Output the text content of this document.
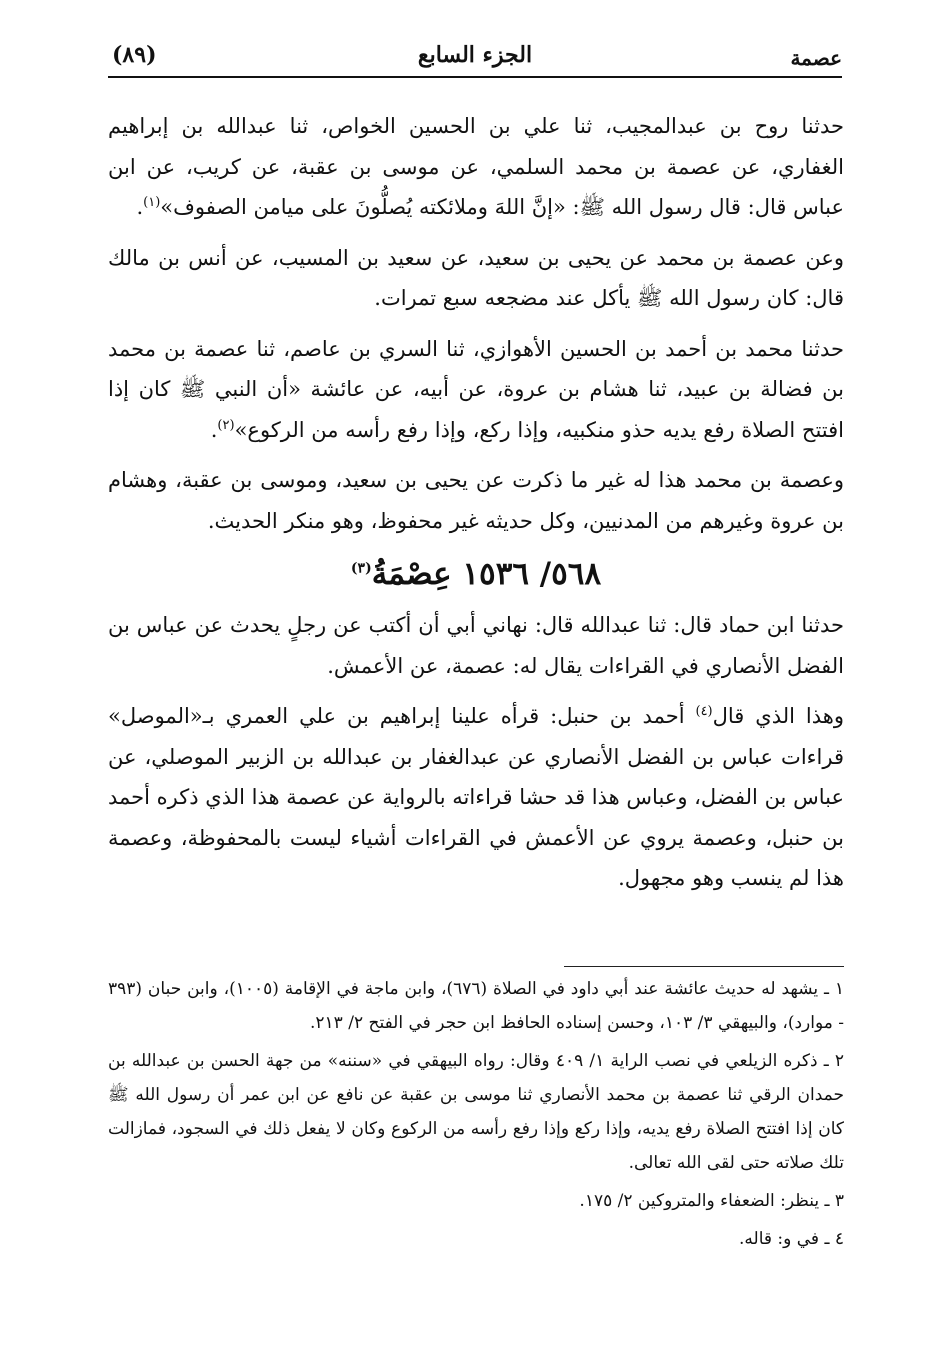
عصمة
الجزء السابع
(٨٩)

حدثنا روح بن عبدالمجيب، ثنا علي بن الحسين الخواص، ثنا عبدالله بن إبراهيم الغفاري، عن عصمة بن محمد السلمي، عن موسى بن عقبة، عن كريب، عن ابن عباس قال: قال رسول الله ﷺ: «إنَّ اللهَ وملائكته يُصلُّونَ على ميامن الصفوف»$^{(١)}$.

وعن عصمة بن محمد عن يحيى بن سعيد، عن سعيد بن المسيب، عن أنس بن مالك قال: كان رسول الله ﷺ يأكل عند مضجعه سبع تمرات.

حدثنا محمد بن أحمد بن الحسين الأهوازي، ثنا السري بن عاصم، ثنا عصمة بن محمد بن فضالة بن عبيد، ثنا هشام بن عروة، عن أبيه، عن عائشة «أن النبي ﷺ كان إذا افتتح الصلاة رفع يديه حذو منكبيه، وإذا ركع، وإذا رفع رأسه من الركوع»$^{(٢)}$.

وعصمة بن محمد هذا له غير ما ذكرت عن يحيى بن سعيد، وموسى بن عقبة، وهشام بن عروة وغيرهم من المدنيين، وكل حديثه غير محفوظ، وهو منكر الحديث.

٥٦٨/ ١٥٣٦ عِصْمَةُ$^{(٣)}$

حدثنا ابن حماد قال: ثنا عبدالله قال: نهاني أبي أن أكتب عن رجلٍ يحدث عن عباس بن الفضل الأنصاري في القراءات يقال له: عصمة، عن الأعمش.

وهذا الذي قال$^{(٤)}$ أحمد بن حنبل: قرأه علينا إبراهيم بن علي العمري بـ«الموصل» قراءات عباس بن الفضل الأنصاري عن عبدالغفار بن عبدالله بن الزبير الموصلي، عن عباس بن الفضل، وعباس هذا قد حشا قراءاته بالرواية عن عصمة هذا الذي ذكره أحمد بن حنبل، وعصمة يروي عن الأعمش في القراءات أشياء ليست بالمحفوظة، وعصمة هذا لم ينسب وهو مجهول.

١ ـ يشهد له حديث عائشة عند أبي داود في الصلاة (٦٧٦)، وابن ماجة في الإقامة (١٠٠٥)، وابن حبان (٣٩٣ - موارد)، والبيهقي ٣/ ١٠٣، وحسن إسناده الحافظ ابن حجر في الفتح ٢/ ٢١٣.

٢ ـ ذكره الزيلعي في نصب الراية ١/ ٤٠٩ وقال: رواه البيهقي في «سننه» من جهة الحسن بن عبدالله بن حمدان الرقي ثنا عصمة بن محمد الأنصاري ثنا موسى بن عقبة عن نافع عن ابن عمر أن رسول الله ﷺ كان إذا افتتح الصلاة رفع يديه، وإذا ركع وإذا رفع رأسه من الركوع وكان لا يفعل ذلك في السجود، فمازالت تلك صلاته حتى لقى الله تعالى.

٣ ـ ينظر: الضعفاء والمتروكين ٢/ ١٧٥.

٤ ـ في و: قاله.
